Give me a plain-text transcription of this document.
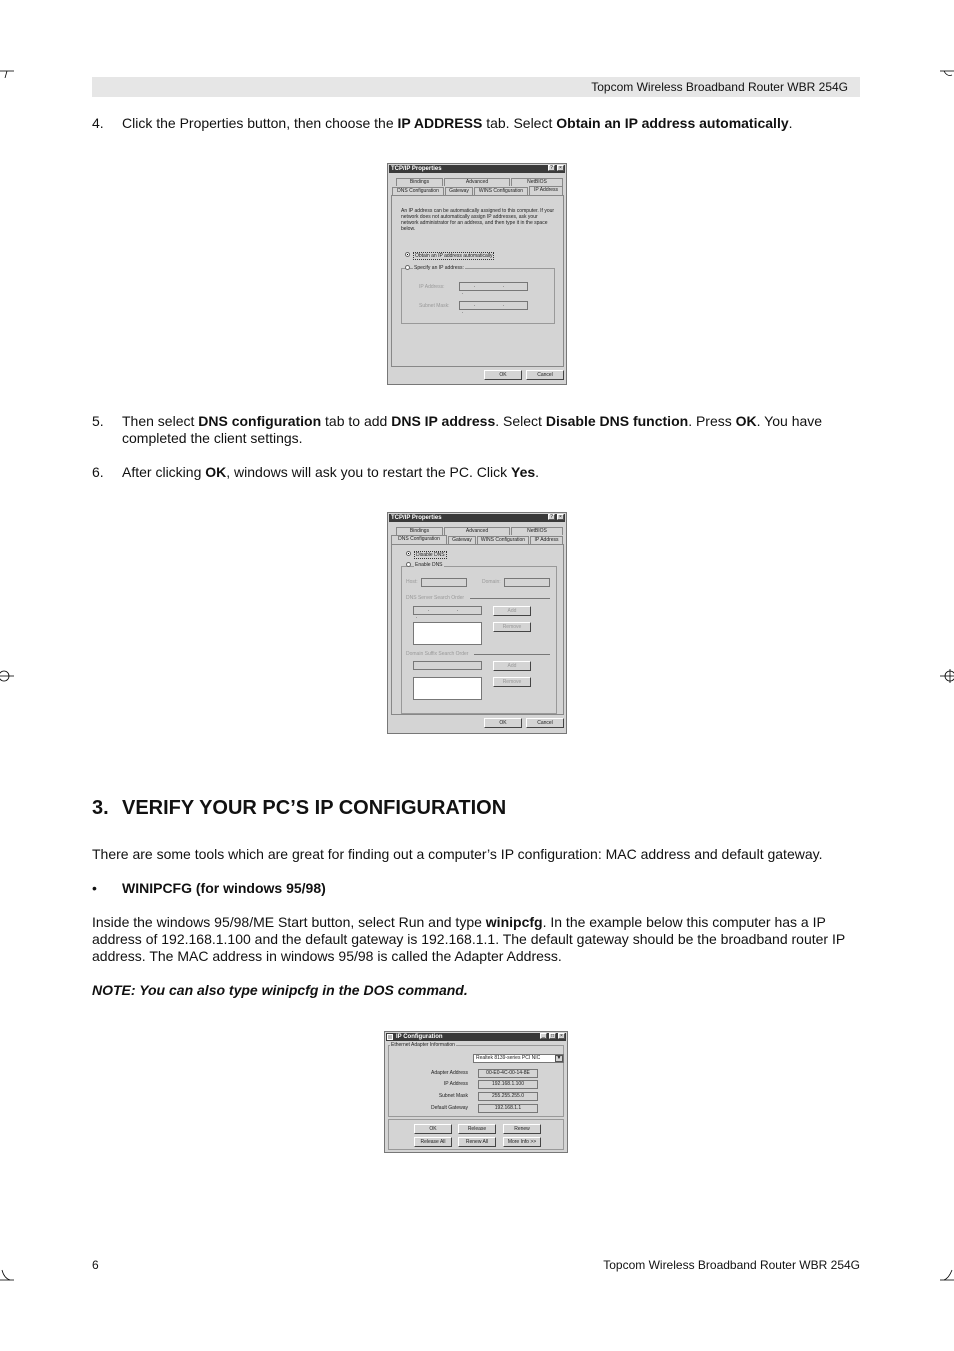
Topcom Wireless Broadband Router WBR 254G
4. Click the Properties button, then choose the IP ADDRESS tab. Select Obtain an IP address automatically.
TCP/IP Properties	?	×
Bindings	Advanced	NetBIOS
DNS Configuration	Gateway	WINS Configuration	IP Address
An IP address can be automatically assigned to this computer. If your network does not automatically assign IP addresses, ask your network administrator for an address, and then type it in the space below.
Obtain an IP address automatically
Specify an IP address:
IP Address:	. . .
Subnet Mask:	. . .
OK	Cancel
5. Then select DNS configuration tab to add DNS IP address. Select Disable DNS function. Press OK. You have completed the client settings.
6. After clicking OK, windows will ask you to restart the PC. Click Yes.
TCP/IP Properties	?	×
Bindings	Advanced	NetBIOS
DNS Configuration	Gateway	WINS Configuration	IP Address
Disable DNS
Enable DNS
Host:	Domain:
DNS Server Search Order
. . .
Add
Remove
Domain Suffix Search Order
Add
Remove
OK	Cancel
3. VERIFY YOUR PC’S IP CONFIGURATION
There are some tools which are great for finding out a computer’s IP configuration: MAC address and default gateway.
• WINIPCFG (for windows 95/98)
Inside the windows 95/98/ME Start button, select Run and type winipcfg. In the example below this computer has a IP address of 192.168.1.100 and the default gateway is 192.168.1.1. The default gateway should be the broadband router IP address. The MAC address in windows 95/98 is called the Adapter Address.
NOTE: You can also type winipcfg in the DOS command.
IP Configuration	_	□	×
Ethernet Adapter Information
Realtek 8139-series PCI NIC	▼
Adapter Address	00-E0-4C-00-14-8E
IP Address	192.168.1.100
Subnet Mask	255.255.255.0
Default Gateway	192.168.1.1
OK	Release	Renew
Release All	Renew All	More Info >>
6	Topcom Wireless Broadband Router WBR 254G
